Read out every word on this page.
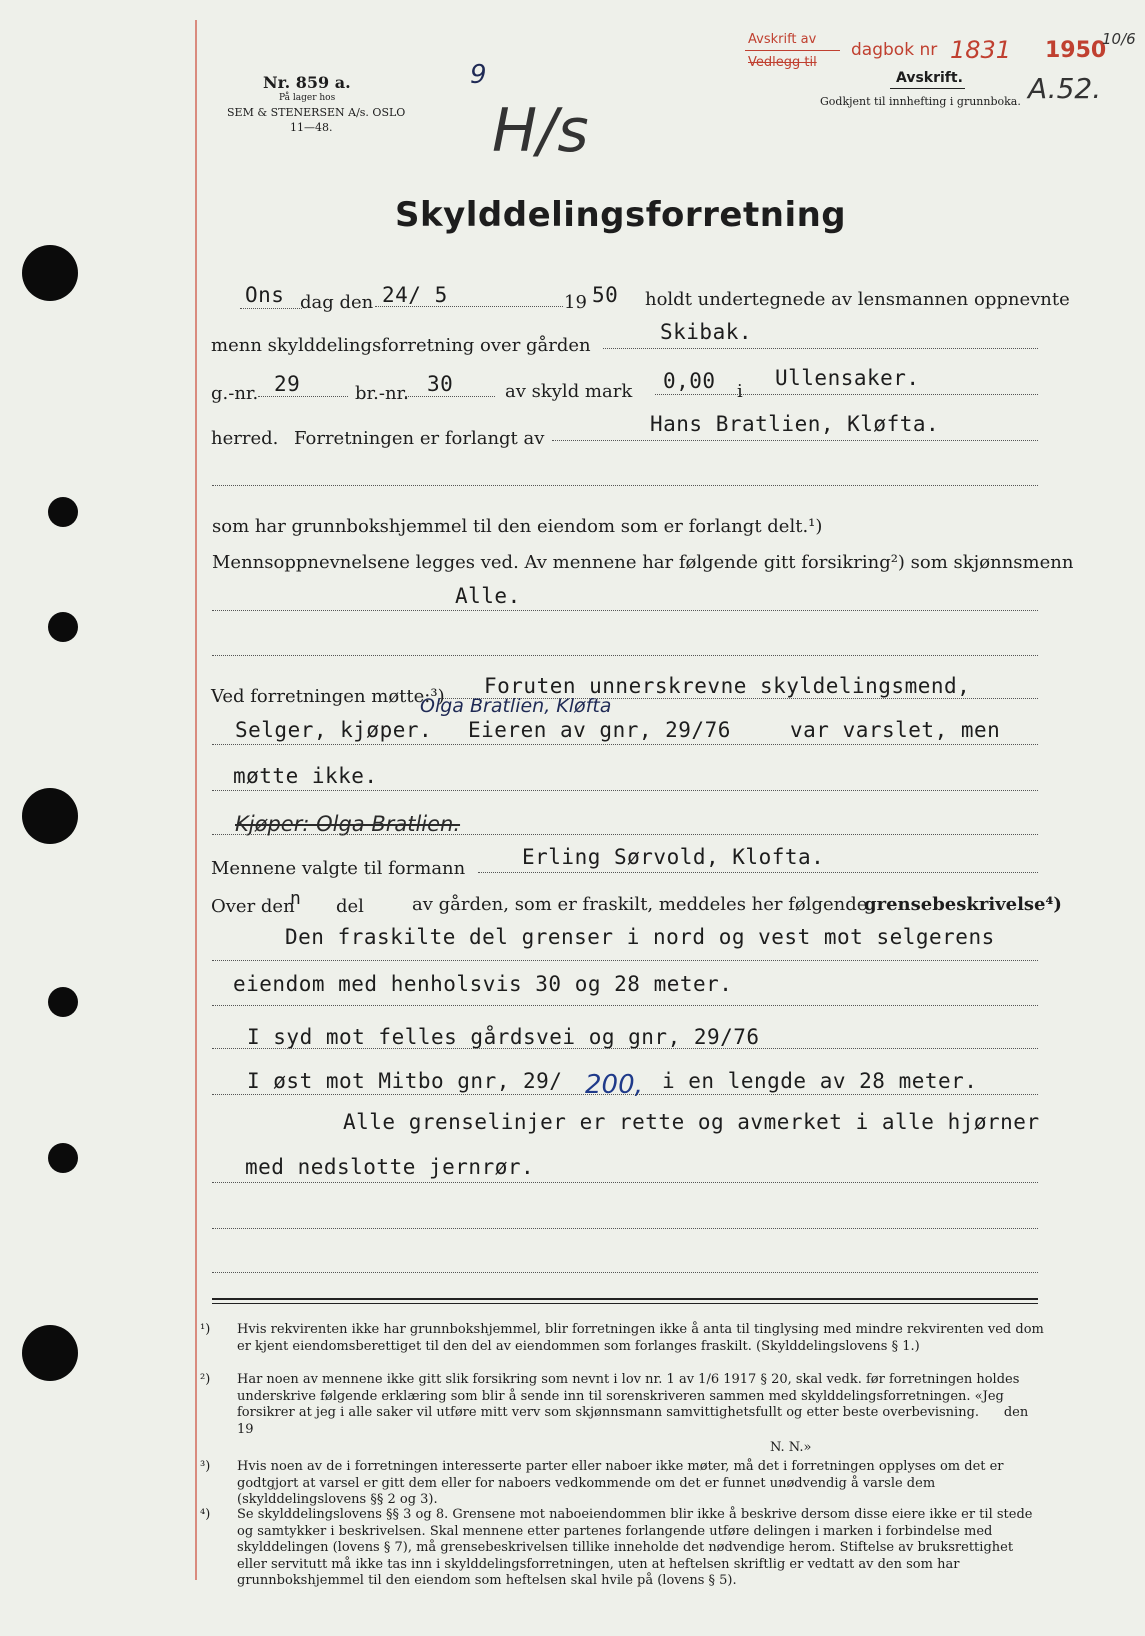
Nr. 859 a.
På lager hos
SEM & STENERSEN A/s. OSLO
11—48.
9
H/s
Avskrift av
Vedlegg til
dagbok nr 1831 1950
10/6
Avskrift.
Godkjent til innhefting i grunnboka. A.52.
Skylddelingsforretning
Ons dag den 24/ 5	19 50 holdt undertegnede av lensmannen oppnevnte
menn skylddelingsforretning over gården
Skibak.
g.-nr. 29	br.-nr. 30	av skyld mark 0,00 i
Ullensaker.
herred. Forretningen er forlangt av
Hans Bratlien, Kløfta.
som har grunnbokshjemmel til den eiendom som er forlangt delt.¹)
Mennsoppnevnelsene legges ved. Av mennene har følgende gitt forsikring²) som skjønnsmenn
Alle.
Ved forretningen møtte:³) Foruten unnerskrevne skyldelingsmend,
Olga Bratlien, Kløfta
Selger, kjøper. Eieren av gnr, 29/76	var varslet, men
møtte ikke.
Kjøper: Olga Bratlien.
Mennene valgte til formann	Erling Sørvold, Klofta.
Over den
n del	av gården, som er fraskilt, meddeles her følgende
grensebeskrivelse⁴)
Den fraskilte del grenser i nord og vest mot selgerens
eiendom med henholsvis 30 og 28 meter.
I syd mot felles gårdsvei og gnr, 29/76
I øst mot Mitbo gnr, 29/ 200, i en lengde av 28 meter.
Alle grenselinjer er rette og avmerket i alle hjørner
med nedslotte jernrør.
¹) Hvis rekvirenten ikke har grunnbokshjemmel, blir forretningen ikke å anta til tinglysing med mindre rekvirenten ved dom er kjent eiendomsberettiget til den del av eiendommen som forlanges fraskilt. (Skylddelingslovens § 1.)
²) Har noen av mennene ikke gitt slik forsikring som nevnt i lov nr. 1 av 1/6 1917 § 20, skal vedk. før forretningen holdes underskrive følgende erklæring som blir å sende inn til sorenskriveren sammen med skylddelingsforretningen. «Jeg forsikrer at jeg i alle saker vil utføre mitt verv som skjønnsmann samvittighetsfullt og etter beste overbevisning.      den      19
N. N.»
³) Hvis noen av de i forretningen interesserte parter eller naboer ikke møter, må det i forretningen opplyses om det er godtgjort at varsel er gitt dem eller for naboers vedkommende om det er funnet unødvendig å varsle dem (skylddelingslovens §§ 2 og 3).
⁴) Se skylddelingslovens §§ 3 og 8. Grensene mot naboeiendommen blir ikke å beskrive dersom disse eiere ikke er til stede og samtykker i beskrivelsen. Skal mennene etter partenes forlangende utføre delingen i marken i forbindelse med skylddelingen (lovens § 7), må grensebeskrivelsen tillike inneholde det nødvendige herom. Stiftelse av bruksrettighet eller servitutt må ikke tas inn i skylddelingsforretningen, uten at heftelsen skriftlig er vedtatt av den som har grunnbokshjemmel til den eiendom som heftelsen skal hvile på (lovens § 5).
